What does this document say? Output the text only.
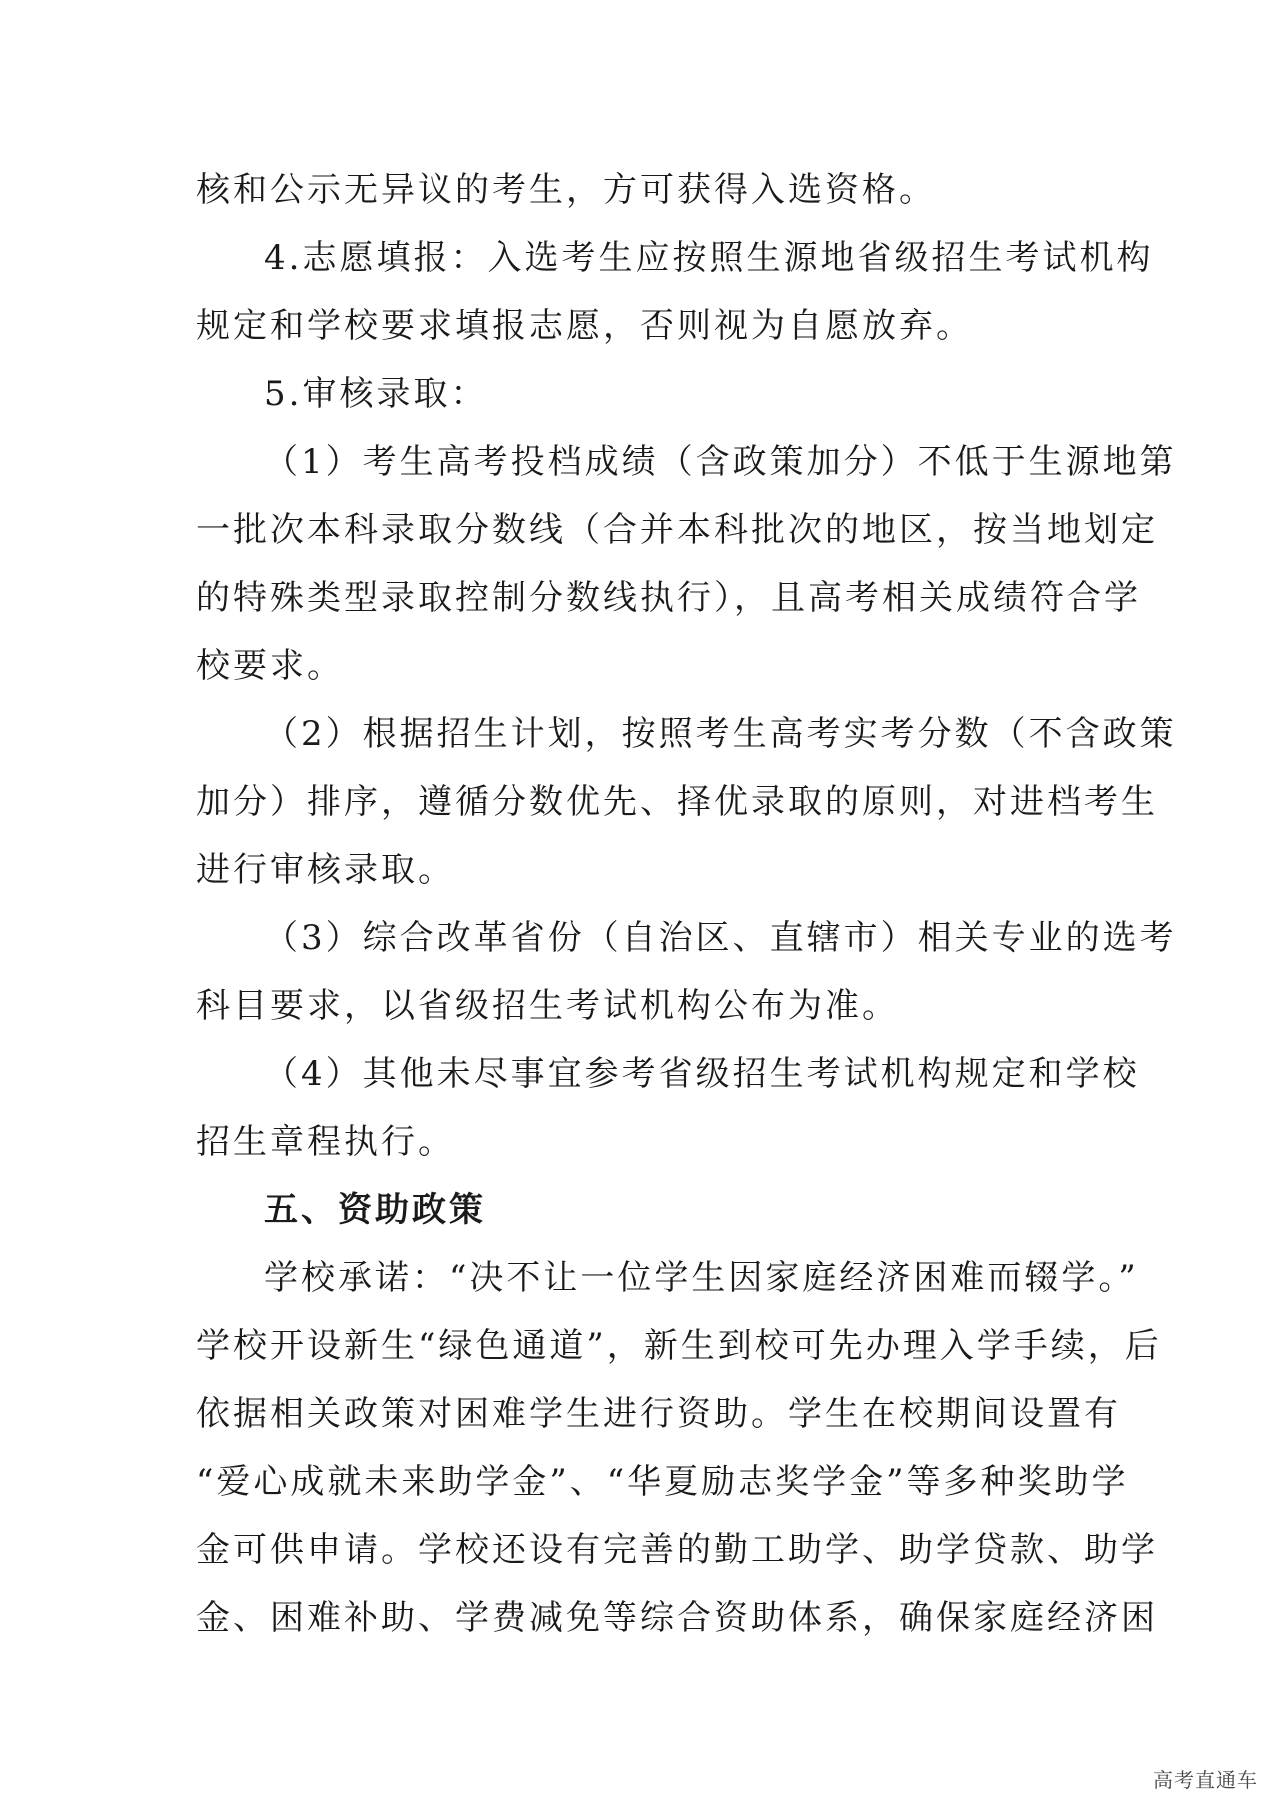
核和公示无异议的考生，方可获得入选资格。
4.志愿填报：入选考生应按照生源地省级招生考试机构
规定和学校要求填报志愿，否则视为自愿放弃。
5.审核录取：
（1）考生高考投档成绩（含政策加分）不低于生源地第
一批次本科录取分数线（合并本科批次的地区，按当地划定
的特殊类型录取控制分数线执行），且高考相关成绩符合学
校要求。
（2）根据招生计划，按照考生高考实考分数（不含政策
加分）排序，遵循分数优先、择优录取的原则，对进档考生
进行审核录取。
（3）综合改革省份（自治区、直辖市）相关专业的选考
科目要求，以省级招生考试机构公布为准。
（4）其他未尽事宜参考省级招生考试机构规定和学校
招生章程执行。
五、资助政策
学校承诺：“决不让一位学生因家庭经济困难而辍学。”
学校开设新生“绿色通道”，新生到校可先办理入学手续，后
依据相关政策对困难学生进行资助。学生在校期间设置有
“爱心成就未来助学金”、“华夏励志奖学金”等多种奖助学
金可供申请。学校还设有完善的勤工助学、助学贷款、助学
金、困难补助、学费减免等综合资助体系，确保家庭经济困
高考直通车
